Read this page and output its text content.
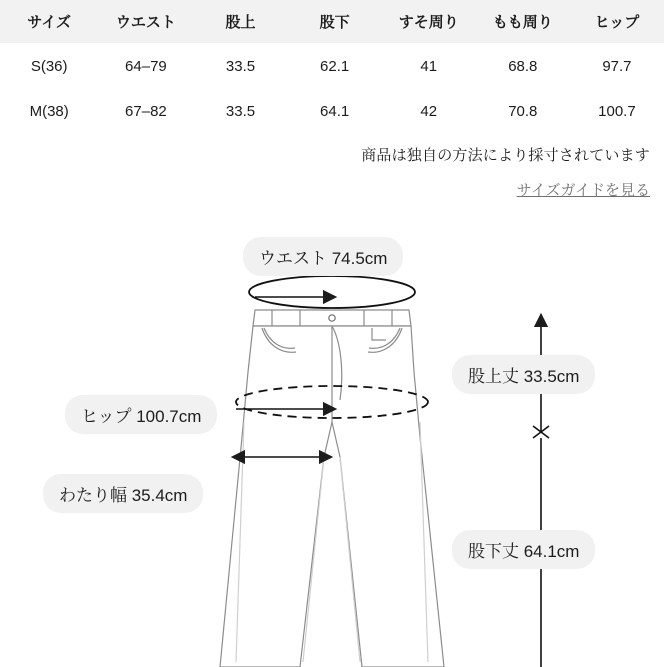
サイズ	ウエスト	股上	股下	すそ周り	もも周り	ヒップ
S(36)	64–79	33.5	62.1	41	68.8	97.7
M(38)	67–82	33.5	64.1	42	70.8	100.7
商品は独自の方法により採寸されています
サイズガイドを見る
ウエスト 74.5cm
ヒップ 100.7cm
わたり幅 35.4cm
股上丈 33.5cm
股下丈 64.1cm
